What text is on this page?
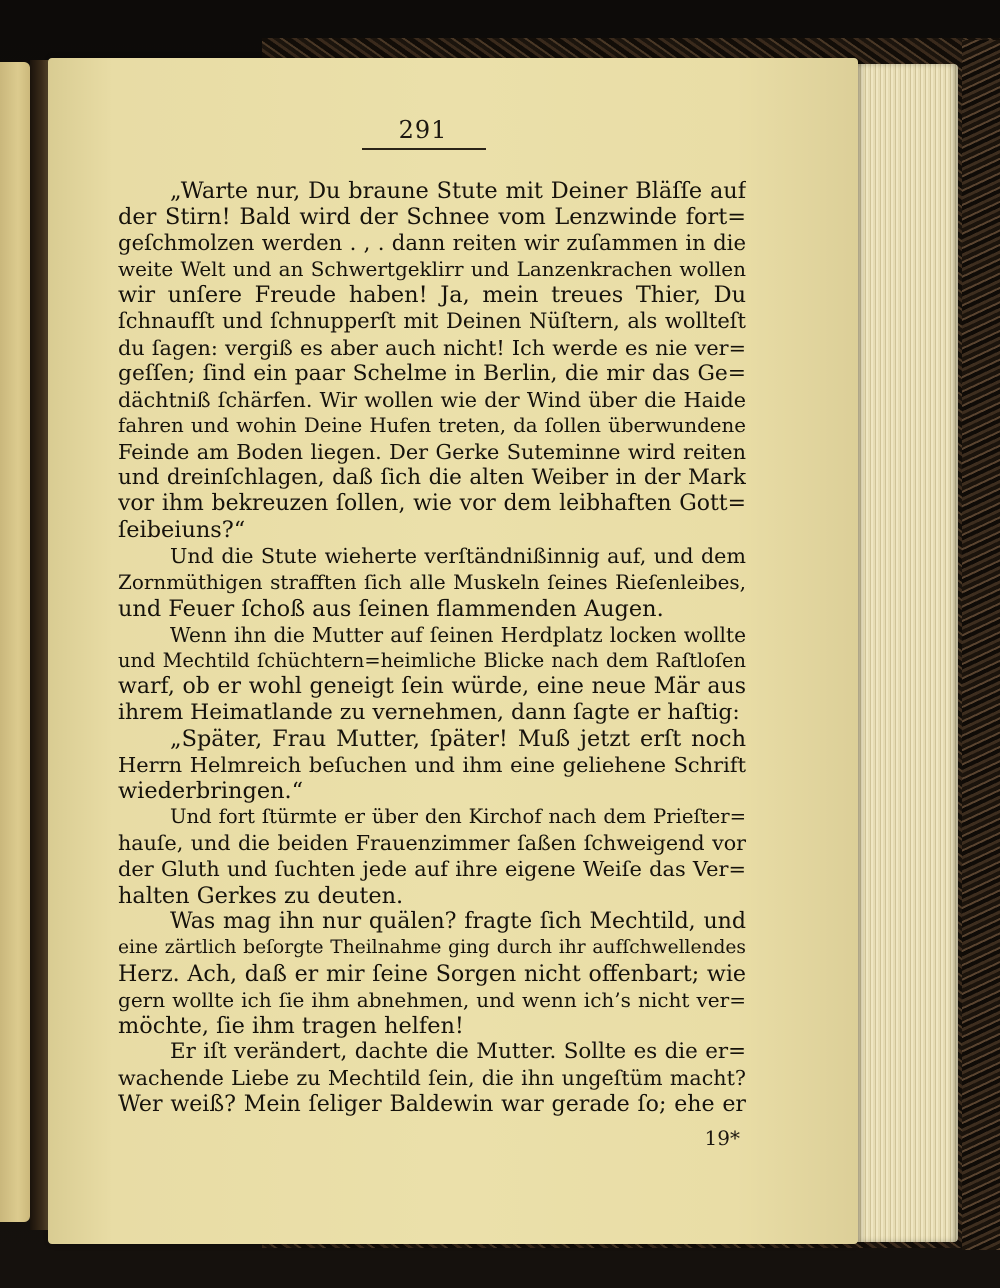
291
„Warte nur, Du braune Stute mit Deiner Bläſſe auf
der Stirn! Bald wird der Schnee vom Lenzwinde fort=
geſchmolzen werden . , . dann reiten wir zuſammen in die
weite Welt und an Schwertgeklirr und Lanzenkrachen wollen
wir unſere Freude haben! Ja, mein treues Thier, Du
ſchnaufſt und ſchnupperſt mit Deinen Nüſtern, als wollteſt
du ſagen: vergiß es aber auch nicht! Ich werde es nie ver=
geſſen; ſind ein paar Schelme in Berlin, die mir das Ge=
dächtniß ſchärfen. Wir wollen wie der Wind über die Haide
fahren und wohin Deine Hufen treten, da ſollen überwundene
Feinde am Boden liegen. Der Gerke Suteminne wird reiten
und dreinſchlagen, daß ſich die alten Weiber in der Mark
vor ihm bekreuzen ſollen, wie vor dem leibhaften Gott=
ſeibeiuns?“
Und die Stute wieherte verſtändnißinnig auf, und dem
Zornmüthigen straﬀten ſich alle Muskeln ſeines Rieſenleibes,
und Feuer ſchoß aus ſeinen flammenden Augen.
Wenn ihn die Mutter auf ſeinen Herdplatz locken wollte
und Mechtild ſchüchtern=heimliche Blicke nach dem Raſtloſen
warf, ob er wohl geneigt ſein würde, eine neue Mär aus
ihrem Heimatlande zu vernehmen, dann ſagte er haſtig:
„Später, Frau Mutter, ſpäter! Muß jetzt erſt noch
Herrn Helmreich beſuchen und ihm eine geliehene Schrift
wiederbringen.“
Und fort ſtürmte er über den Kirchof nach dem Prieſter=
hauſe, und die beiden Frauenzimmer ſaßen ſchweigend vor
der Gluth und ſuchten jede auf ihre eigene Weiſe das Ver=
halten Gerkes zu deuten.
Was mag ihn nur quälen? fragte ſich Mechtild, und
eine zärtlich beſorgte Theilnahme ging durch ihr aufſchwellendes
Herz. Ach, daß er mir ſeine Sorgen nicht offenbart; wie
gern wollte ich ſie ihm abnehmen, und wenn ich’s nicht ver=
möchte, ſie ihm tragen helfen!
Er iſt verändert, dachte die Mutter. Sollte es die er=
wachende Liebe zu Mechtild ſein, die ihn ungeſtüm macht?
Wer weiß? Mein ſeliger Baldewin war gerade ſo; ehe er
19*
